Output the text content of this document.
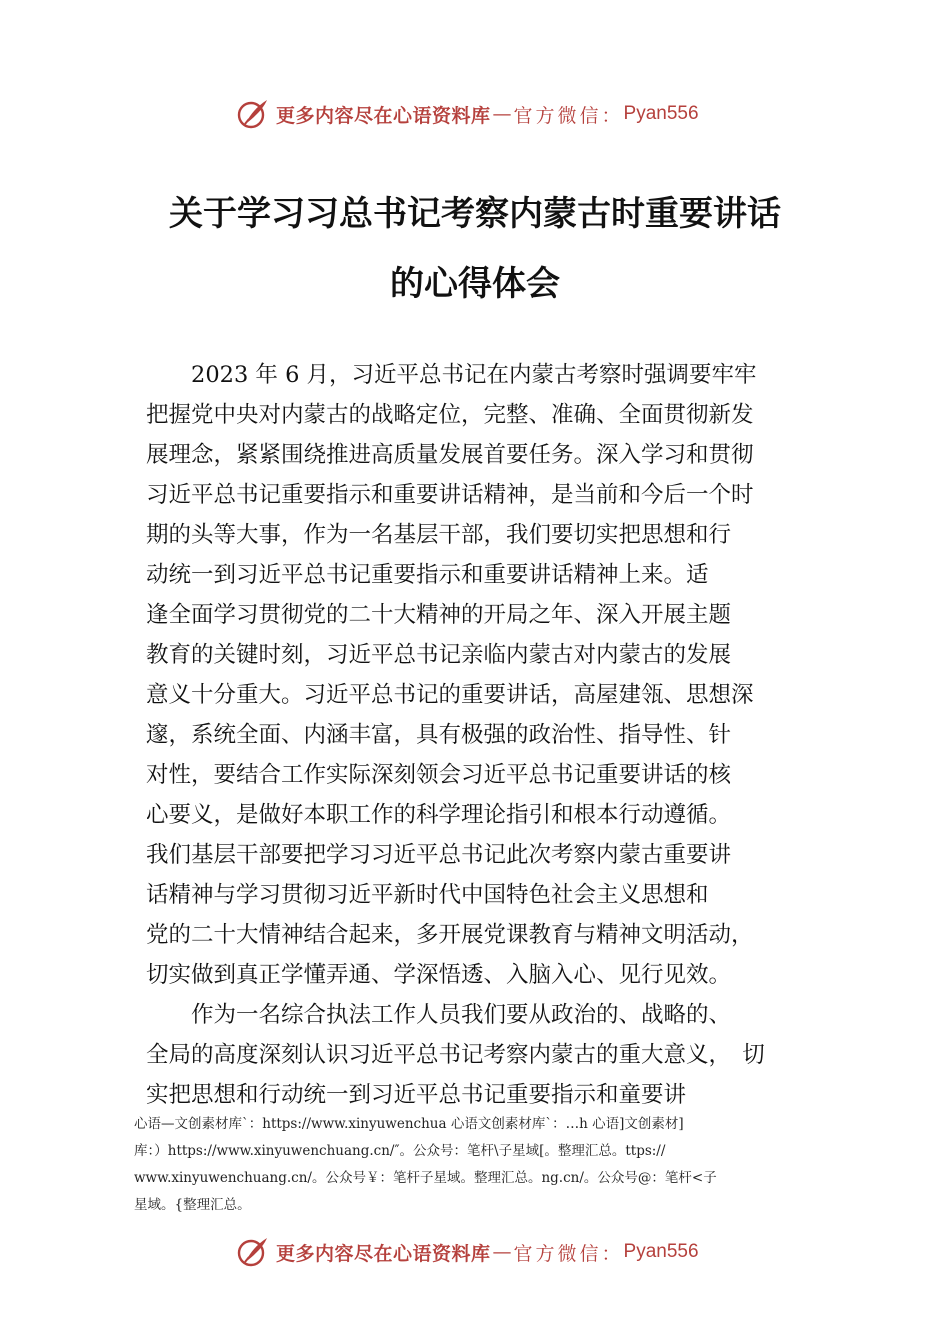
更多内容尽在心语资料库 — 官方微信： Pyan556
关于学习习总书记考察内蒙古时重要讲话
的心得体会
　　2023 年 6 月，习近平总书记在内蒙古考察时强调要牢牢
把握党中央对内蒙古的战略定位，完整、准确、全面贯彻新发
展理念，紧紧围绕推进高质量发展首要任务。深入学习和贯彻
习近平总书记重要指示和重要讲话精神，是当前和今后一个时
期的头等大事，作为一名基层干部，我们要切实把思想和行
动统一到习近平总书记重要指示和重要讲话精神上来。适
逢全面学习贯彻党的二十大精神的开局之年、深入开展主题
教育的关键时刻，习近平总书记亲临内蒙古对内蒙古的发展
意义十分重大。习近平总书记的重要讲话，高屋建瓴、思想深
邃，系统全面、内涵丰富，具有极强的政治性、指导性、针
对性，要结合工作实际深刻领会习近平总书记重要讲话的核
心要义，是做好本职工作的科学理论指引和根本行动遵循。
我们基层干部要把学习习近平总书记此次考察内蒙古重要讲
话精神与学习贯彻习近平新时代中国特色社会主义思想和
党的二十大情神结合起来，多开展党课教育与精神文明活动，
切实做到真正学懂弄通、学深悟透、入脑入心、见行见效。
　　作为一名综合执法工作人员我们要从政治的、战略的、
全局的高度深刻认识习近平总书记考察内蒙古的重大意义，　切
实把思想和行动统一到习近平总书记重要指示和童要讲
心语—文创素材库`：https://www.xinyuwenchua 心语文创素材库`：…h 心语]文创素材]
库：）https://www.xinyuwenchuang.cn/″。公众号：笔杆\子星域[。整理汇总。ttps://
www.xinyuwenchuang.cn/。公众号￥：笔杆子星域。整理汇总。ng.cn/。公众号@：笔杆<子
星域。{整理汇总。
更多内容尽在心语资料库 — 官方微信： Pyan556
